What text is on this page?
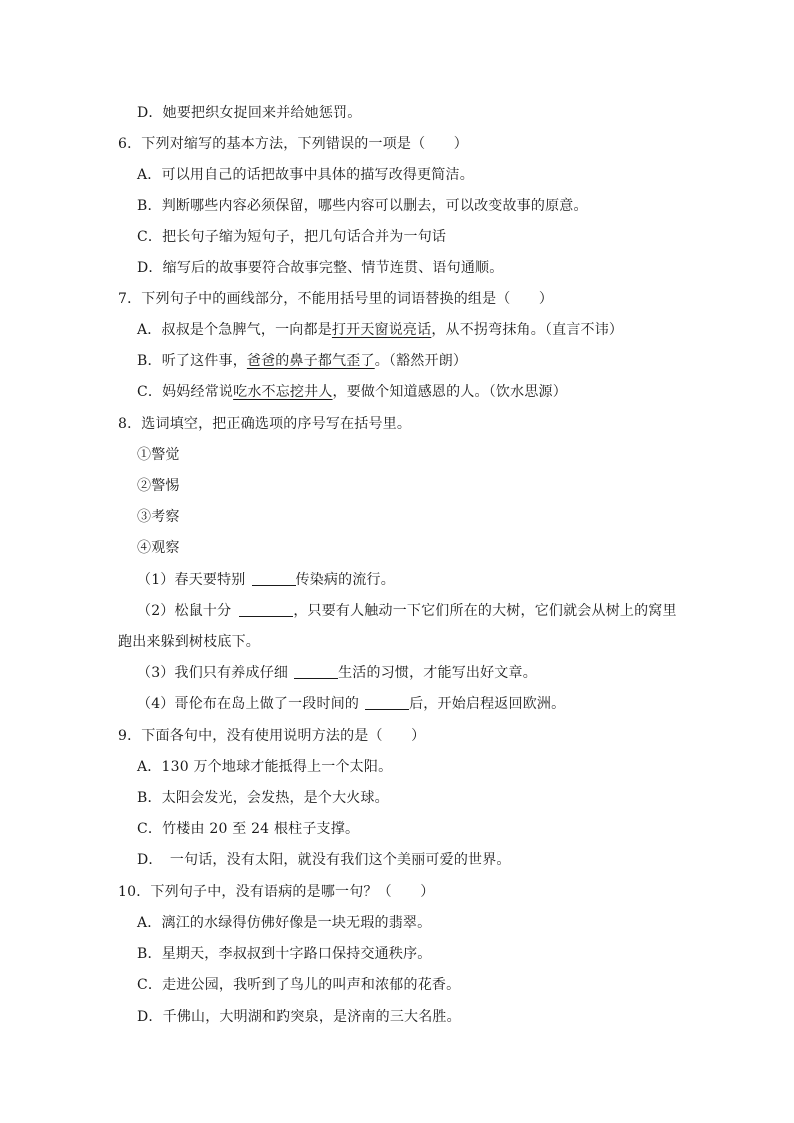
D．她要把织女捉回来并给她惩罚。
6．下列对缩写的基本方法，下列错误的一项是（　　）
A．可以用自己的话把故事中具体的描写改得更简洁。
B．判断哪些内容必须保留，哪些内容可以删去，可以改变故事的原意。
C．把长句子缩为短句子，把几句话合并为一句话
D．缩写后的故事要符合故事完整、情节连贯、语句通顺。
7．下列句子中的画线部分，不能用括号里的词语替换的组是（　　）
A．叔叔是个急脾气，一向都是打开天窗说亮话，从不拐弯抹角。（直言不讳）
B．听了这件事，爸爸的鼻子都气歪了。（豁然开朗）
C．妈妈经常说吃水不忘挖井人，要做个知道感恩的人。（饮水思源）
8．选词填空，把正确选项的序号写在括号里。
①警觉
②警惕
③考察
④观察
（1）春天要特别	传染病的流行。
（2）松鼠十分	，只要有人触动一下它们所在的大树，它们就会从树上的窝里
跑出来躲到树枝底下。
（3）我们只有养成仔细	生活的习惯，才能写出好文章。
（4）哥伦布在岛上做了一段时间的	后，开始启程返回欧洲。
9．下面各句中，没有使用说明方法的是（　　）
A．130 万个地球才能抵得上一个太阳。
B．太阳会发光，会发热，是个大火球。
C．竹楼由 20 至 24 根柱子支撑。
D．　一句话，没有太阳，就没有我们这个美丽可爱的世界。
10．下列句子中，没有语病的是哪一句？（　　）
A．漓江的水绿得仿佛好像是一块无瑕的翡翠。
B．星期天，李叔叔到十字路口保持交通秩序。
C．走进公园，我听到了鸟儿的叫声和浓郁的花香。
D．千佛山，大明湖和趵突泉，是济南的三大名胜。
